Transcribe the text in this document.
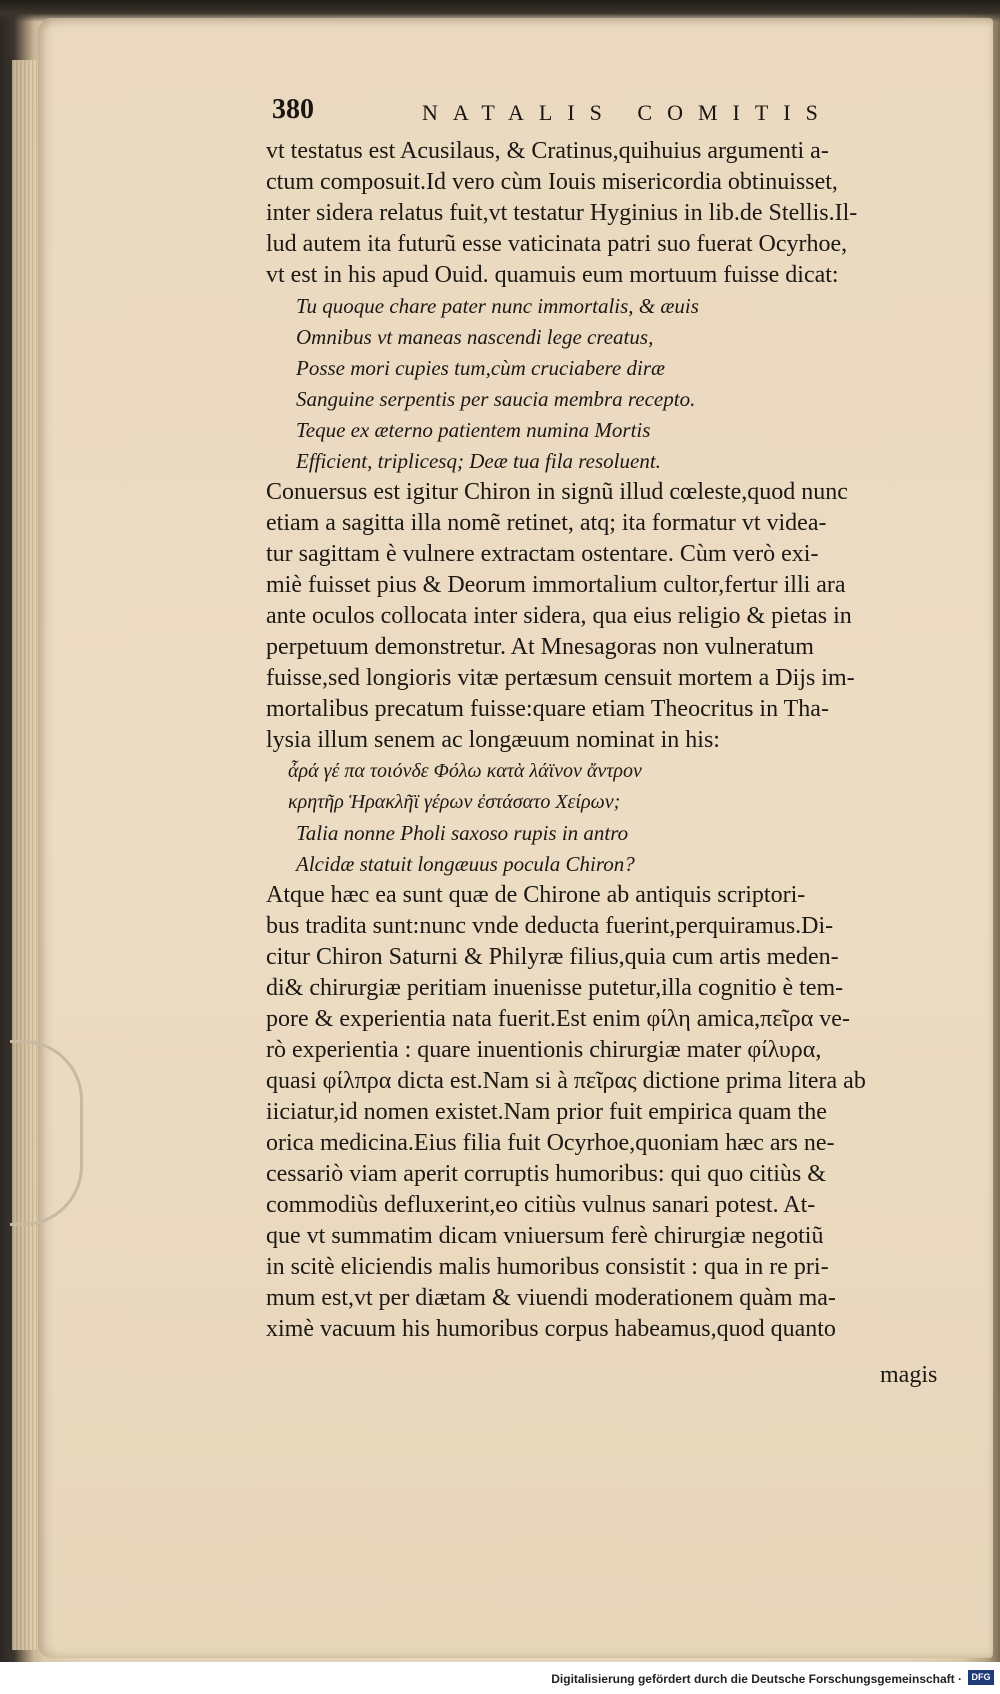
380	NATALIS COMITIS
vt testatus est Acusilaus, & Cratinus,quihuius argumenti a-
ctum composuit.Id vero cùm Iouis misericordia obtinuisset,
inter sidera relatus fuit,vt testatur Hyginius in lib.de Stellis.Il-
lud autem ita futurũ esse vaticinata patri suo fuerat Ocyrhoe,
vt est in his apud Ouid. quamuis eum mortuum fuisse dicat:
Tu quoque chare pater nunc immortalis, & æuis
Omnibus vt maneas nascendi lege creatus,
Posse mori cupies tum,cùm cruciabere diræ
Sanguine serpentis per saucia membra recepto.
Teque ex æterno patientem numina Mortis
Efficient, triplicesq; Deæ tua fila resoluent.
Conuersus est igitur Chiron in signũ illud cœleste,quod nunc
etiam a sagitta illa nomẽ retinet, atq; ita formatur vt videa-
tur sagittam è vulnere extractam ostentare. Cùm verò exi-
miè fuisset pius & Deorum immortalium cultor,fertur illi ara
ante oculos collocata inter sidera, qua eius religio & pietas in
perpetuum demonstretur. At Mnesagoras non vulneratum
fuisse,sed longioris vitæ pertæsum censuit mortem a Dijs im-
mortalibus precatum fuisse:quare etiam Theocritus in Tha-
lysia illum senem ac longæuum nominat in his:
ἆρά γέ πα τοιόνδε Φόλω κατὰ λάϊνον ἄντρον
κρητῆρ Ἡρακλῆϊ γέρων ἐστάσατο Χείρων;
Talia nonne Pholi saxoso rupis in antro
Alcidæ statuit longæuus pocula Chiron?
Atque hæc ea sunt quæ de Chirone ab antiquis scriptori-
bus tradita sunt:nunc vnde deducta fuerint,perquiramus.Di-
citur Chiron Saturni & Philyræ filius,quia cum artis meden-
di& chirurgiæ peritiam inuenisse putetur,illa cognitio è tem-
pore & experientia nata fuerit.Est enim φίλη amica,πεῖρα ve-
rò experientia : quare inuentionis chirurgiæ mater φίλυρα,
quasi φίλπρα dicta est.Nam si à πεῖρας dictione prima litera ab
iiciatur,id nomen existet.Nam prior fuit empirica quam the
orica medicina.Eius filia fuit Ocyrhoe,quoniam hæc ars ne-
cessariò viam aperit corruptis humoribus: qui quo citiùs &
commodiùs defluxerint,eo citiùs vulnus sanari potest. At-
que vt summatim dicam vniuersum ferè chirurgiæ negotiũ
in scitè eliciendis malis humoribus consistit : qua in re pri-
mum est,vt per diætam & viuendi moderationem quàm ma-
ximè vacuum his humoribus corpus habeamus,quod quanto
magis
Digitalisierung gefördert durch die Deutsche Forschungsgemeinschaft ·	DFG
